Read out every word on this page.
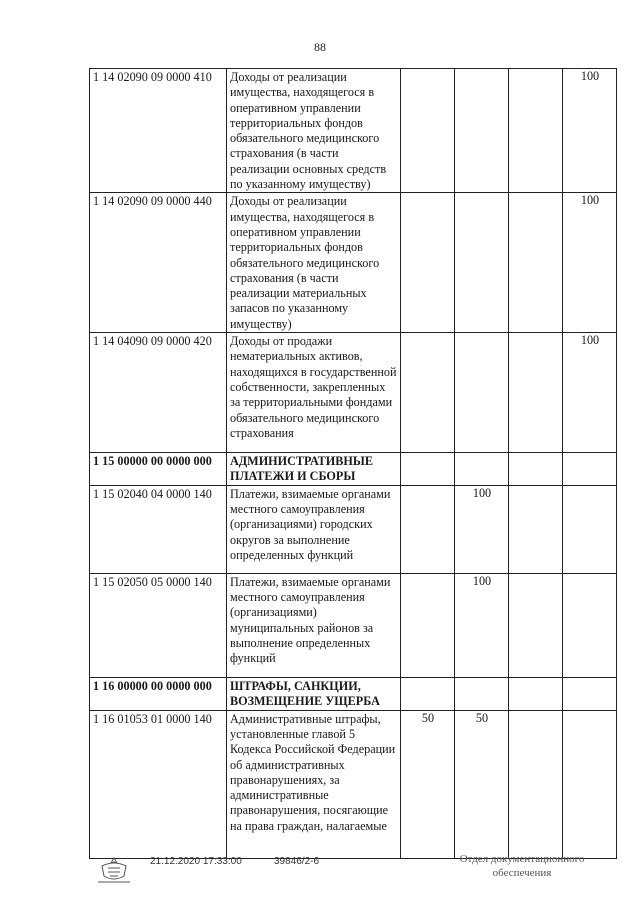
88
1 14 02090 09 0000 410	Доходы от реализации имущества, находящегося в оперативном управлении территориальных фондов обязательного медицинского страхования (в части реализации основных средств по указанному имуществу)				100

1 14 02090 09 0000 440	Доходы от реализации имущества, находящегося в оперативном управлении территориальных фондов обязательного медицинского страхования (в части реализации материальных запасов по указанному имуществу)				100

1 14 04090 09 0000 420	Доходы от продажи нематериальных активов, находящихся в государственной собственности, закрепленных за территориальными фондами обязательного медицинского страхования				100

1 15 00000 00 0000 000	АДМИНИСТРАТИВНЫЕ ПЛАТЕЖИ И СБОРЫ	

1 15 02040 04 0000 140	Платежи, взимаемые органами местного самоуправления (организациями) городских округов за выполнение определенных функций		100		

1 15 02050 05 0000 140	Платежи, взимаемые органами местного самоуправления (организациями) муниципальных районов за выполнение определенных функций		100		

1 16 00000 00 0000 000	ШТРАФЫ, САНКЦИИ, ВОЗМЕЩЕНИЕ УЩЕРБА	

1 16 01053 01 0000 140	Административные штрафы, установленные главой 5 Кодекса Российской Федерации об административных правонарушениях, за административные правонарушения, посягающие на права граждан, налагаемые	50	50		

21.12.2020 17:33:00	39846/2-6	Отдел документационного
обеспечения
